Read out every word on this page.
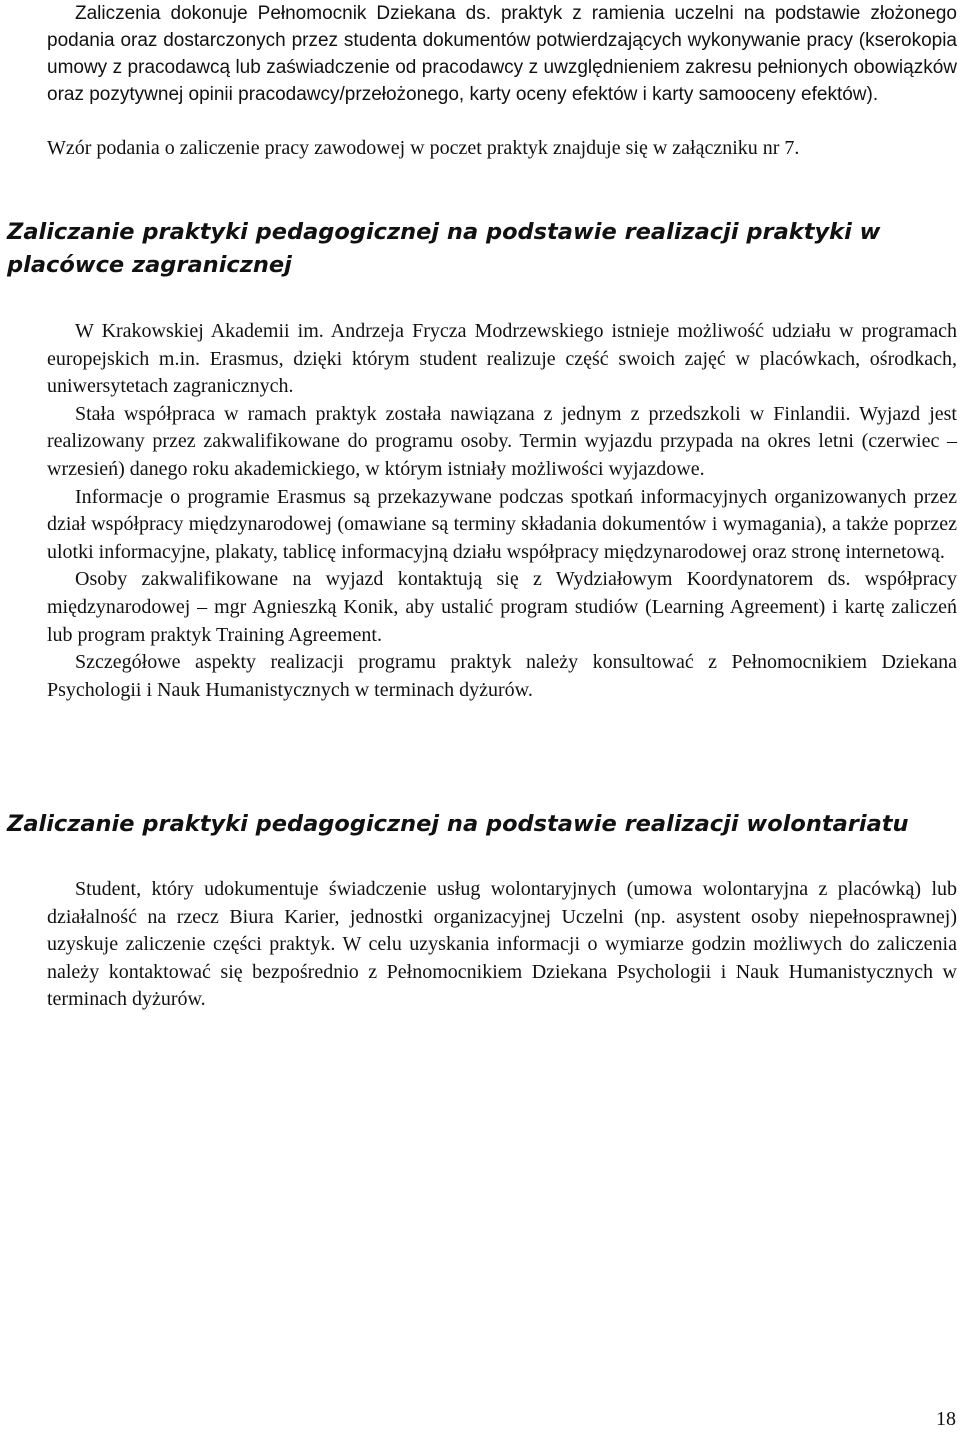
Zaliczenia dokonuje Pełnomocnik Dziekana ds. praktyk z ramienia uczelni na podstawie złożonego podania oraz dostarczonych przez studenta dokumentów potwierdzających wykonywanie pracy (kserokopia umowy z pracodawcą lub zaświadczenie od pracodawcy z uwzględnieniem zakresu pełnionych obowiązków oraz pozytywnej opinii pracodawcy/przełożonego, karty oceny efektów i karty samooceny efektów).

Wzór podania o zaliczenie pracy zawodowej w poczet praktyk znajduje się w załączniku nr 7.

Zaliczanie praktyki pedagogicznej na podstawie realizacji praktyki w placówce zagranicznej

W Krakowskiej Akademii im. Andrzeja Frycza Modrzewskiego istnieje możliwość udziału w programach europejskich m.in. Erasmus, dzięki którym student realizuje część swoich zajęć w placówkach, ośrodkach, uniwersytetach zagranicznych.

Stała współpraca w ramach praktyk została nawiązana z jednym z przedszkoli w Finlandii. Wyjazd jest realizowany przez zakwalifikowane do programu osoby. Termin wyjazdu przypada na okres letni (czerwiec – wrzesień) danego roku akademickiego, w którym istniały możliwości wyjazdowe.

Informacje o programie Erasmus są przekazywane podczas spotkań informacyjnych organizowanych przez dział współpracy międzynarodowej (omawiane są terminy składania dokumentów i wymagania), a także poprzez ulotki informacyjne, plakaty, tablicę informacyjną działu współpracy międzynarodowej oraz stronę internetową.

Osoby zakwalifikowane na wyjazd kontaktują się z Wydziałowym Koordynatorem ds. współpracy międzynarodowej – mgr Agnieszką Konik, aby ustalić program studiów (Learning Agreement) i kartę zaliczeń lub program praktyk Training Agreement.

Szczegółowe aspekty realizacji programu praktyk należy konsultować z Pełnomocnikiem Dziekana Psychologii i Nauk Humanistycznych w terminach dyżurów.

Zaliczanie praktyki pedagogicznej na podstawie realizacji wolontariatu

Student, który udokumentuje świadczenie usług wolontaryjnych (umowa wolontaryjna z placówką) lub działalność na rzecz Biura Karier, jednostki organizacyjnej Uczelni (np. asystent osoby niepełnosprawnej) uzyskuje zaliczenie części praktyk. W celu uzyskania informacji o wymiarze godzin możliwych do zaliczenia należy kontaktować się bezpośrednio z Pełnomocnikiem Dziekana Psychologii i Nauk Humanistycznych w terminach dyżurów.

18
